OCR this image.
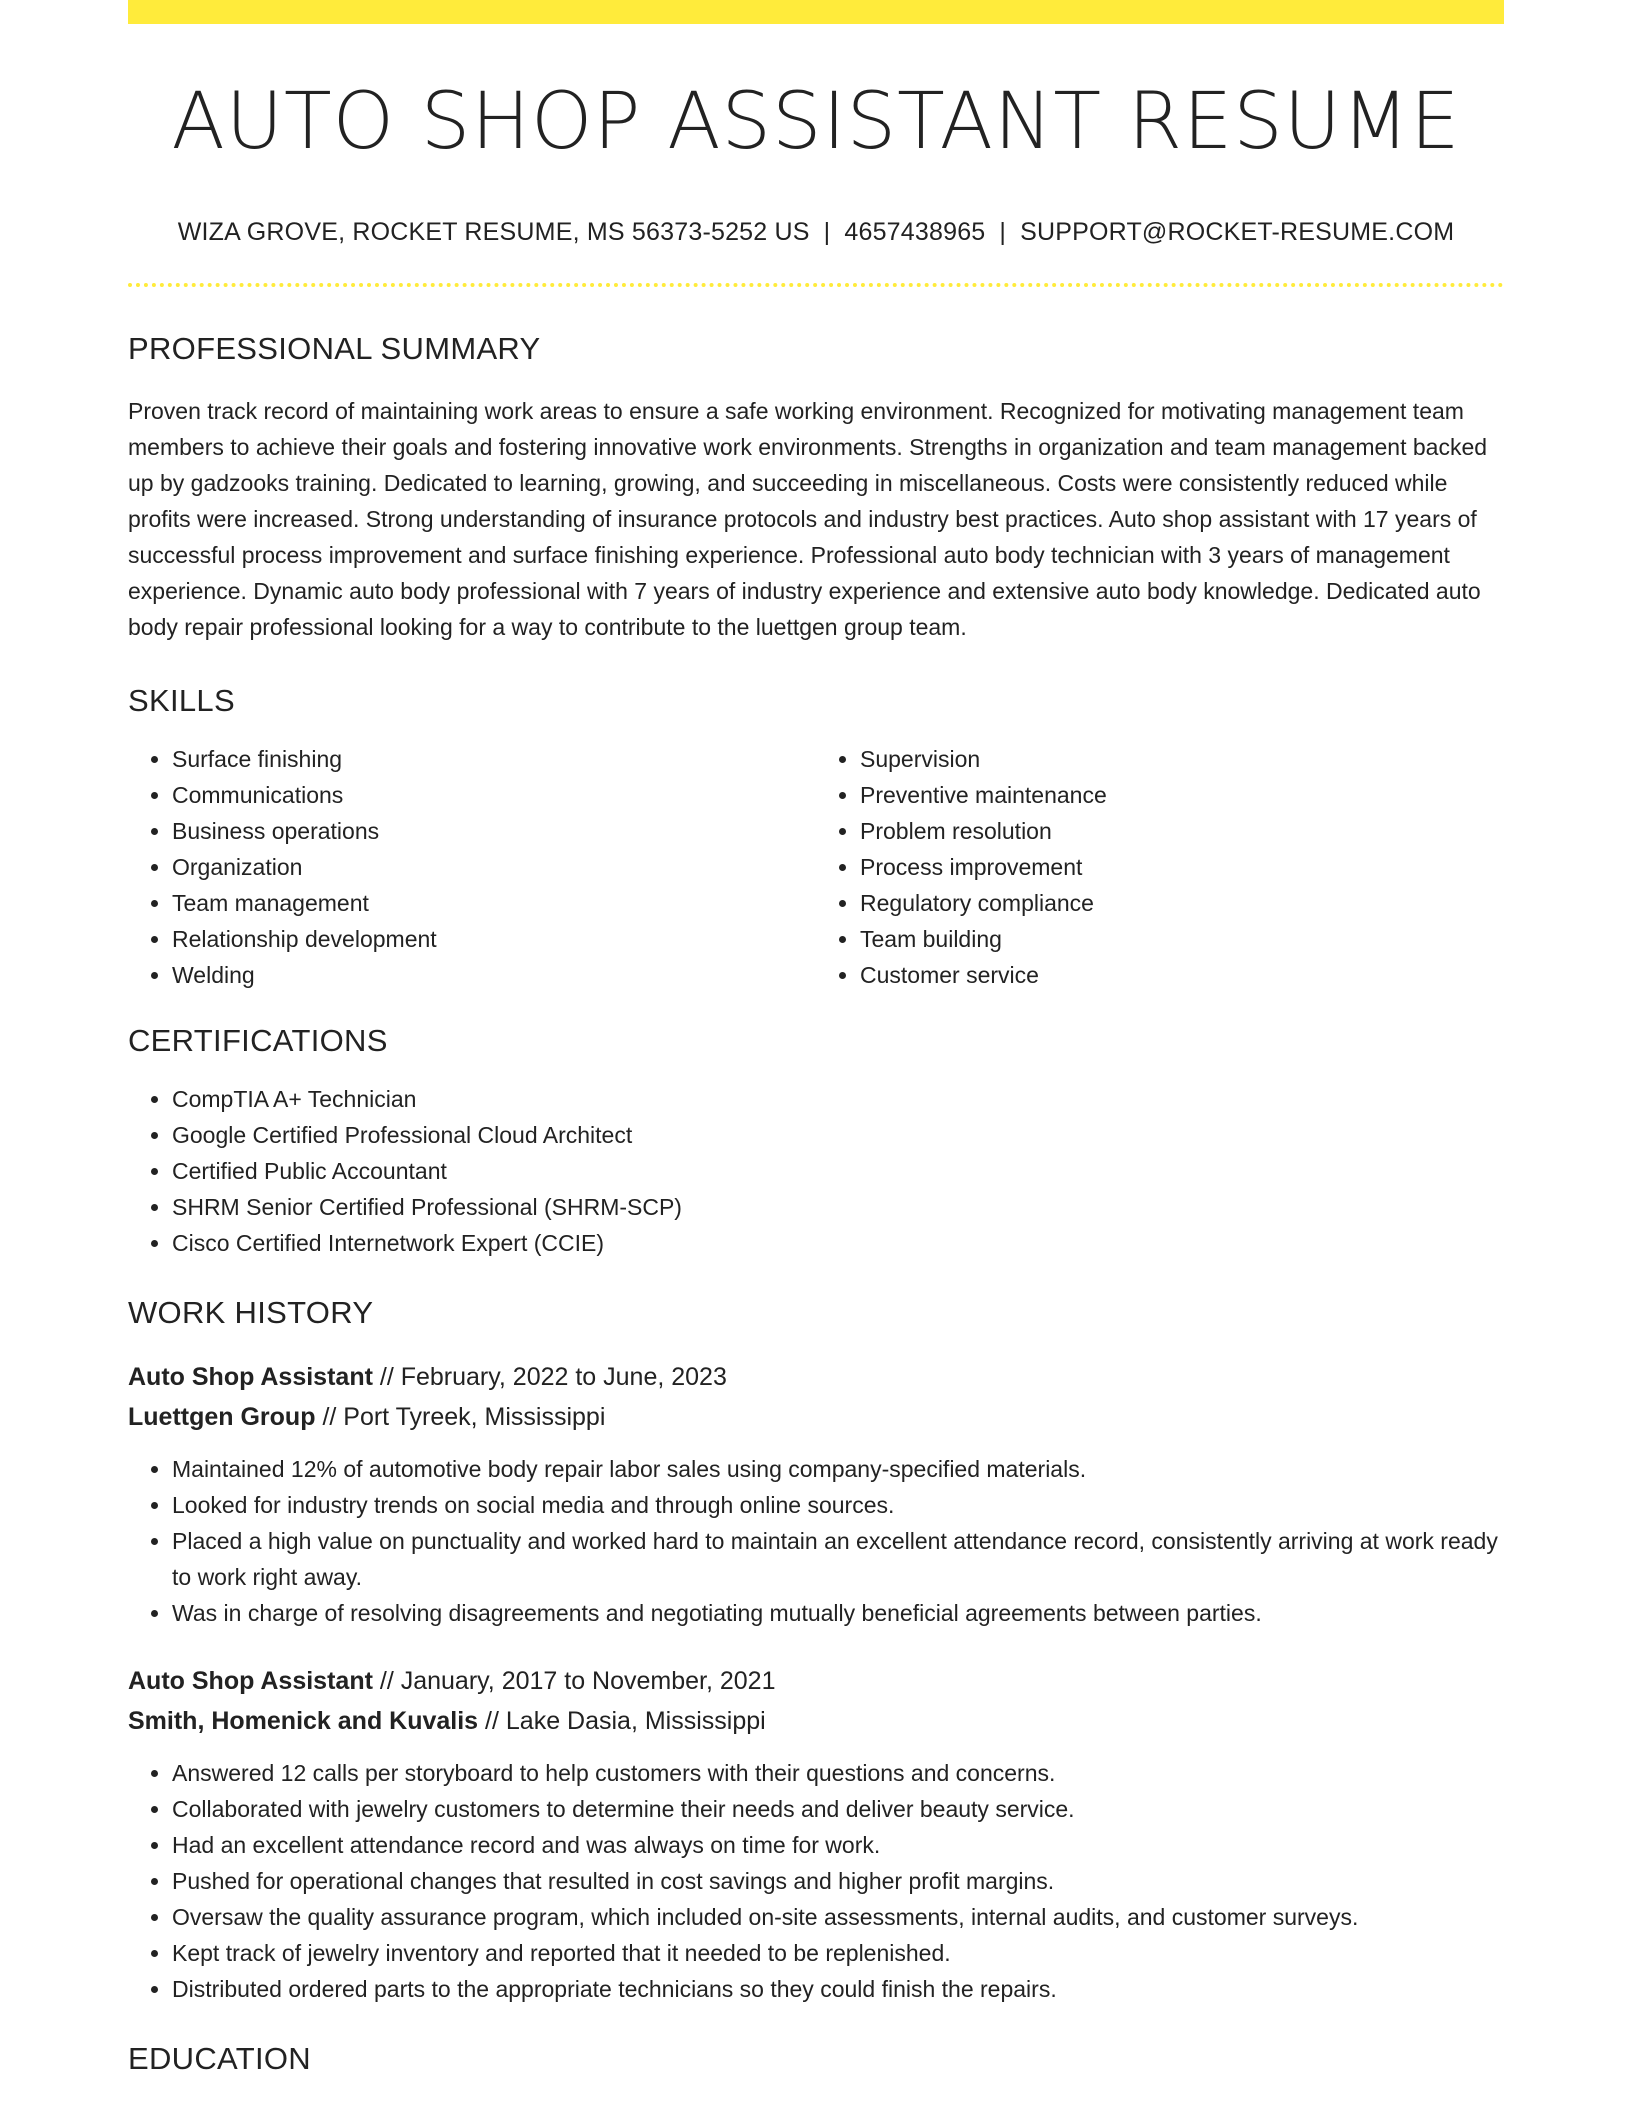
AUTO SHOP ASSISTANT RESUME
WIZA GROVE, ROCKET RESUME, MS 56373-5252 US | 4657438965 | SUPPORT@ROCKET-RESUME.COM
PROFESSIONAL SUMMARY

Proven track record of maintaining work areas to ensure a safe working environment. Recognized for motivating management team members to achieve their goals and fostering innovative work environments. Strengths in organization and team management backed up by gadzooks training. Dedicated to learning, growing, and succeeding in miscellaneous. Costs were consistently reduced while profits were increased. Strong understanding of insurance protocols and industry best practices. Auto shop assistant with 17 years of successful process improvement and surface finishing experience. Professional auto body technician with 3 years of management experience. Dynamic auto body professional with 7 years of industry experience and extensive auto body knowledge. Dedicated auto body repair professional looking for a way to contribute to the luettgen group team.

SKILLS
• Surface finishing
• Communications
• Business operations
• Organization
• Team management
• Relationship development
• Welding
• Supervision
• Preventive maintenance
• Problem resolution
• Process improvement
• Regulatory compliance
• Team building
• Customer service
CERTIFICATIONS
• CompTIA A+ Technician
• Google Certified Professional Cloud Architect
• Certified Public Accountant
• SHRM Senior Certified Professional (SHRM-SCP)
• Cisco Certified Internetwork Expert (CCIE)
WORK HISTORY
Auto Shop Assistant // February, 2022 to June, 2023
Luettgen Group // Port Tyreek, Mississippi
• Maintained 12% of automotive body repair labor sales using company-specified materials.
• Looked for industry trends on social media and through online sources.
• Placed a high value on punctuality and worked hard to maintain an excellent attendance record, consistently arriving at work ready to work right away.
• Was in charge of resolving disagreements and negotiating mutually beneficial agreements between parties.
Auto Shop Assistant // January, 2017 to November, 2021
Smith, Homenick and Kuvalis // Lake Dasia, Mississippi
• Answered 12 calls per storyboard to help customers with their questions and concerns.
• Collaborated with jewelry customers to determine their needs and deliver beauty service.
• Had an excellent attendance record and was always on time for work.
• Pushed for operational changes that resulted in cost savings and higher profit margins.
• Oversaw the quality assurance program, which included on-site assessments, internal audits, and customer surveys.
• Kept track of jewelry inventory and reported that it needed to be replenished.
• Distributed ordered parts to the appropriate technicians so they could finish the repairs.
EDUCATION
